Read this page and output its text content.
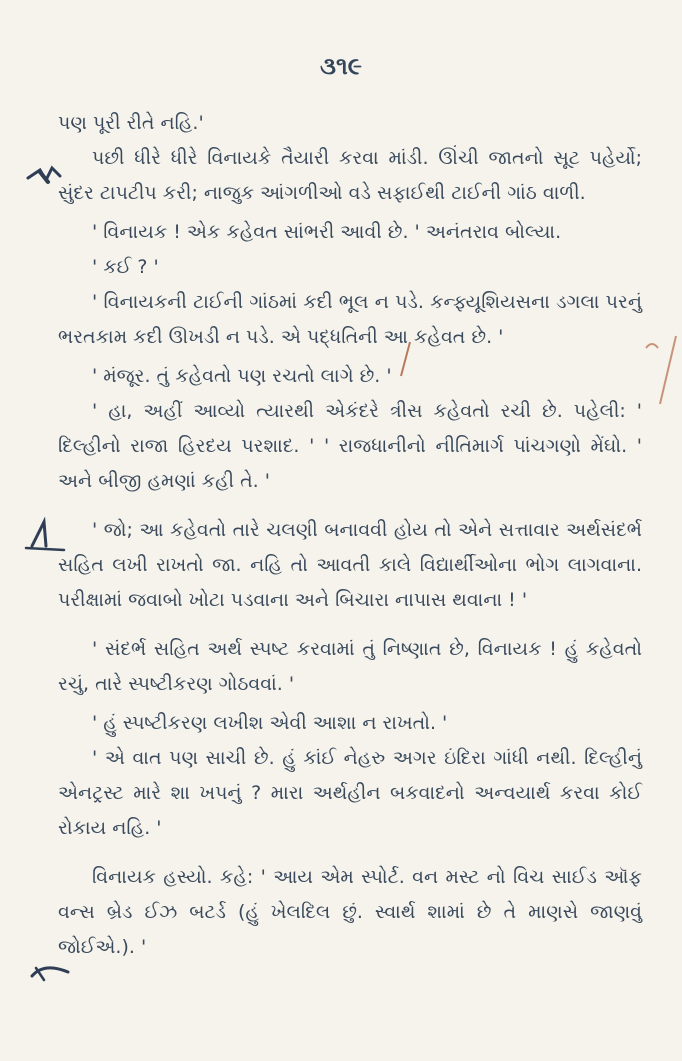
૩૧૯

પણ પૂરી રીતે નહિ.'

પછી ધીરે ધીરે વિનાયકે તૈયારી કરવા માંડી. ઊંચી જાતનો સૂટ પહેર્યો; સુંદર ટાપટીપ કરી; નાજુક આંગળીઓ વડે સફાઈથી ટાઈની ગાંઠ વાળી.

' વિનાયક ! એક કહેવત સાંભરી આવી છે. ' અનંતરાવ બોલ્યા.

' કઈ ? '

' વિનાયકની ટાઈની ગાંઠમાં કદી ભૂલ ન પડે. કન્ફ્યૂશિયસના ડગલા પરનું ભરતકામ કદી ઊખડી ન પડે. એ પદ્ધતિની આ કહેવત છે. '

' મંજૂર. તું કહેવતો પણ રચતો લાગે છે. '

' હા, અહીં આવ્યો ત્યારથી એકંદરે ત્રીસ કહેવતો રચી છે. પહેલી: ' દિલ્હીનો રાજા હિરદય પરશાદ. ' ' રાજધાનીનો નીતિમાર્ગ પાંચગણો મેંઘો. ' અને બીજી હમણાં કહી તે. '

' જો; આ કહેવતો તારે ચલણી બનાવવી હોય તો એને સત્તાવાર અર્થસંદર્ભ સહિત લખી રાખતો જા. નહિ તો આવતી કાલે વિદ્યાર્થીઓના ભોગ લાગવાના. પરીક્ષામાં જવાબો ખોટા પડવાના અને બિચારા નાપાસ થવાના ! '

' સંદર્ભ સહિત અર્થ સ્પષ્ટ કરવામાં તું નિષ્ણાત છે, વિનાયક ! હું કહેવતો રચું, તારે સ્પષ્ટીકરણ ગોઠવવાં. '

' હું સ્પષ્ટીકરણ લખીશ એવી આશા ન રાખતો. '

' એ વાત પણ સાચી છે. હું કાંઈ નેહરુ અગર ઇંદિરા ગાંધી નથી. દિલ્હીનું એનટ્રસ્ટ મારે શા ખપનું ? મારા અર્થહીન બકવાદનો અન્વયાર્થ કરવા કોઈ રોકાય નહિ. '

વિનાયક હસ્યો. કહે: ' આય એમ સ્પોર્ટ. વન મસ્ટ નો વિચ સાઈડ ઑફ વન્સ બ્રેડ ઈઝ બટર્ડ (હું ખેલદિલ છું. સ્વાર્થ શામાં છે તે માણસે જાણવું જોઈએ.). '
